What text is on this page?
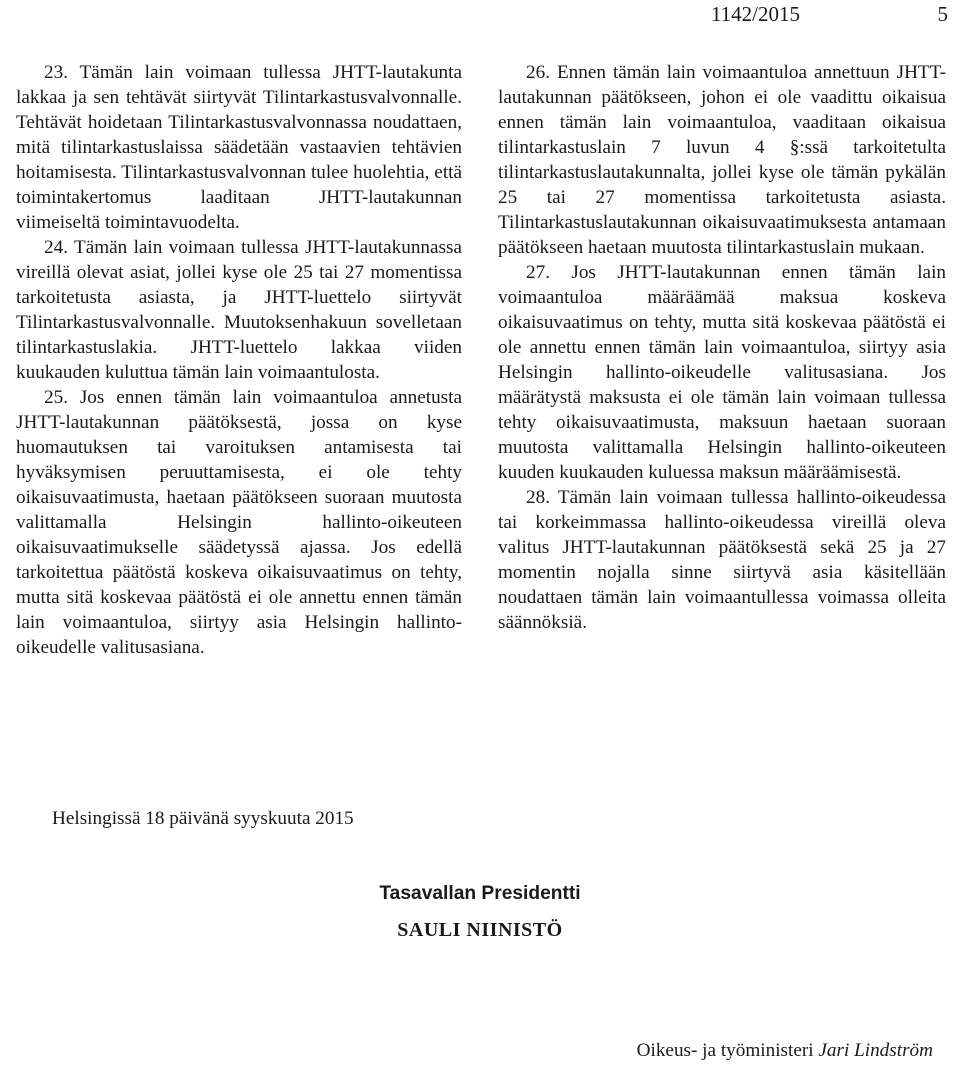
1142/2015	5

23. Tämän lain voimaan tullessa JHTT-lautakunta lakkaa ja sen tehtävät siirtyvät Tilintarkastusvalvonnalle. Tehtävät hoidetaan Tilintarkastusvalvonnassa noudattaen, mitä tilintarkastuslaissa säädetään vastaavien tehtävien hoitamisesta. Tilintarkastusvalvonnan tulee huolehtia, että toimintakertomus laaditaan JHTT-lautakunnan viimeiseltä toimintavuodelta.

24. Tämän lain voimaan tullessa JHTT-lautakunnassa vireillä olevat asiat, jollei kyse ole 25 tai 27 momentissa tarkoitetusta asiasta, ja JHTT-luettelo siirtyvät Tilintarkastusvalvonnalle. Muutoksenhakuun sovelletaan tilintarkastuslakia. JHTT-luettelo lakkaa viiden kuukauden kuluttua tämän lain voimaantulosta.

25. Jos ennen tämän lain voimaantuloa annetusta JHTT-lautakunnan päätöksestä, jossa on kyse huomautuksen tai varoituksen antamisesta tai hyväksymisen peruuttamisesta, ei ole tehty oikaisuvaatimusta, haetaan päätökseen suoraan muutosta valittamalla Helsingin hallinto-oikeuteen oikaisuvaatimukselle säädetyssä ajassa. Jos edellä tarkoitettua päätöstä koskeva oikaisuvaatimus on tehty, mutta sitä koskevaa päätöstä ei ole annettu ennen tämän lain voimaantuloa, siirtyy asia Helsingin hallinto-oikeudelle valitusasiana.

26. Ennen tämän lain voimaantuloa annettuun JHTT-lautakunnan päätökseen, johon ei ole vaadittu oikaisua ennen tämän lain voimaantuloa, vaaditaan oikaisua tilintarkastuslain 7 luvun 4 §:ssä tarkoitetulta tilintarkastuslautakunnalta, jollei kyse ole tämän pykälän 25 tai 27 momentissa tarkoitetusta asiasta. Tilintarkastuslautakunnan oikaisuvaatimuksesta antamaan päätökseen haetaan muutosta tilintarkastuslain mukaan.

27. Jos JHTT-lautakunnan ennen tämän lain voimaantuloa määräämää maksua koskeva oikaisuvaatimus on tehty, mutta sitä koskevaa päätöstä ei ole annettu ennen tämän lain voimaantuloa, siirtyy asia Helsingin hallinto-oikeudelle valitusasiana. Jos määrätystä maksusta ei ole tämän lain voimaan tullessa tehty oikaisuvaatimusta, maksuun haetaan suoraan muutosta valittamalla Helsingin hallinto-oikeuteen kuuden kuukauden kuluessa maksun määräämisestä.

28. Tämän lain voimaan tullessa hallinto-oikeudessa tai korkeimmassa hallinto-oikeudessa vireillä oleva valitus JHTT-lautakunnan päätöksestä sekä 25 ja 27 momentin nojalla sinne siirtyvä asia käsitellään noudattaen tämän lain voimaantullessa voimassa olleita säännöksiä.

Helsingissä 18 päivänä syyskuuta 2015
Tasavallan Presidentti
SAULI NIINISTÖ
Oikeus- ja työministeri Jari Lindström
